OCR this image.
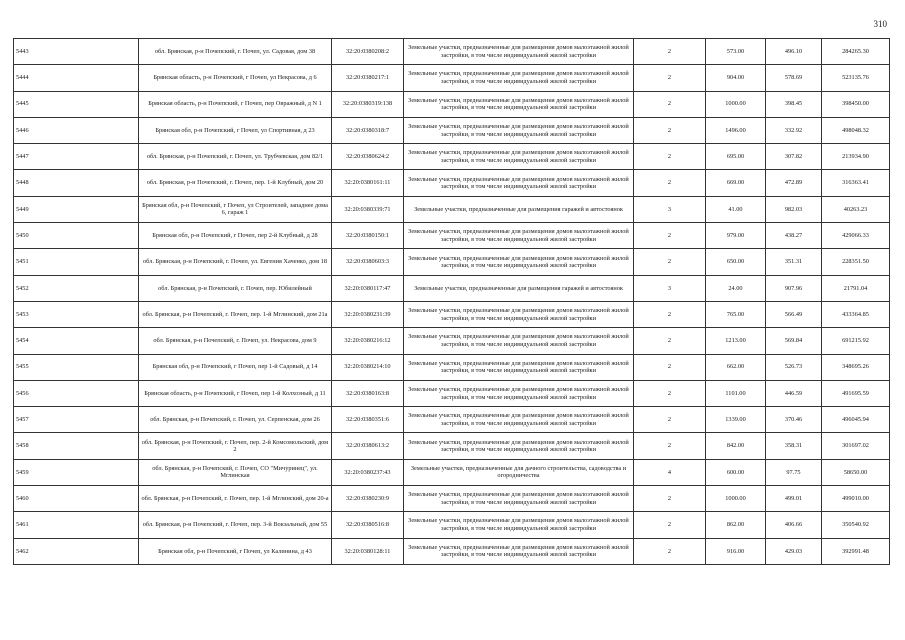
310
5443	обл. Брянская, р-н Почепский, г. Почеп, ул. Садовая, дом 38	32:20:0380208:2	Земельные участки, предназначенные для размещения домов малоэтажной жилой застройки, в том числе индивидуальной жилой застройки	2	573.00	496.10	284265.30
5444	Брянская область, р-н Почепский, г Почеп, ул Некрасова, д 6	32:20:0380217:1	Земельные участки, предназначенные для размещения домов малоэтажной жилой застройки, в том числе индивидуальной жилой застройки	2	904.00	578.69	523135.76
5445	Брянская область, р-н Почепский, г Почеп, пер Овражный, д N 1	32:20:0380319:138	Земельные участки, предназначенные для размещения домов малоэтажной жилой застройки, в том числе индивидуальной жилой застройки	2	1000.00	398.45	398450.00
5446	Брянская обл, р-н Почепский, г Почеп, ул Спортивная, д 23	32:20:0380318:7	Земельные участки, предназначенные для размещения домов малоэтажной жилой застройки, в том числе индивидуальной жилой застройки	2	1496.00	332.92	498048.32
5447	обл. Брянская, р-н Почепский, г. Почеп, ул. Трубчевская, дом 82/1	32:20:0380624:2	Земельные участки, предназначенные для размещения домов малоэтажной жилой застройки, в том числе индивидуальной жилой застройки	2	695.00	307.82	213934.90
5448	обл. Брянская, р-н Почепский, г. Почеп, пер. 1-й Клубный, дом 20	32:20:0380161:11	Земельные участки, предназначенные для размещения домов малоэтажной жилой застройки, в том числе индивидуальной жилой застройки	2	669.00	472.89	316363.41
5449	Брянская обл, р-н Почепский, г Почеп, ул Строителей, западнее дома 6, гараж 1	32:20:0380339:71	Земельные участки, предназначенные для размещения гаражей и автостоянок	3	41.00	982.03	40263.23
5450	Брянская обл, р-н Почепский, г Почеп, пер 2-й Клубный, д 28	32:20:0380150:1	Земельные участки, предназначенные для размещения домов малоэтажной жилой застройки, в том числе индивидуальной жилой застройки	2	979.00	438.27	429066.33
5451	обл. Брянская, р-н Почепский, г. Почеп, ул. Евгения Хаченко, дом 18	32:20:0380603:3	Земельные участки, предназначенные для размещения домов малоэтажной жилой застройки, в том числе индивидуальной жилой застройки	2	650.00	351.31	228351.50
5452	обл. Брянская, р-н Почепский, г. Почеп, пер. Юбилейный	32:20:0380117:47	Земельные участки, предназначенные для размещения гаражей и автостоянок	3	24.00	907.96	21791.04
5453	обл. Брянская, р-н Почепский, г. Почеп, пер. 1-й Мглинский, дом 21а	32:20:0380231:39	Земельные участки, предназначенные для размещения домов малоэтажной жилой застройки, в том числе индивидуальной жилой застройки	2	765.00	566.49	433364.85
5454	обл. Брянская, р-н Почепский, г. Почеп, ул. Некрасова, дом 9	32:20:0380216:12	Земельные участки, предназначенные для размещения домов малоэтажной жилой застройки, в том числе индивидуальной жилой застройки	2	1213.00	569.84	691215.92
5455	Брянская обл, р-н Почепский, г Почеп, пер 1-й Садовый, д 14	32:20:0380214:10	Земельные участки, предназначенные для размещения домов малоэтажной жилой застройки, в том числе индивидуальной жилой застройки	2	662.00	526.73	348695.26
5456	Брянская область, р-н Почепский, г Почеп, пер 1-й Колхозный, д 11	32:20:0380163:8	Земельные участки, предназначенные для размещения домов малоэтажной жилой застройки, в том числе индивидуальной жилой застройки	2	1101.00	446.59	491695.59
5457	обл. Брянская, р-н Почепский, г. Почеп, ул. Серпенская, дом 26	32:20:0380351:6	Земельные участки, предназначенные для размещения домов малоэтажной жилой застройки, в том числе индивидуальной жилой застройки	2	1339.00	370.46	496045.94
5458	обл. Брянская, р-н Почепский, г. Почеп, пер. 2-й Комсомольский, дом 2	32:20:0380613:2	Земельные участки, предназначенные для размещения домов малоэтажной жилой застройки, в том числе индивидуальной жилой застройки	2	842.00	358.31	301697.02
5459	обл. Брянская, р-н Почепский, г. Почеп, СО "Мичуринец", ул. Мглинская	32:20:0380237:43	Земельные участки, предназначенные для дачного строительства, садоводства и огородничества	4	600.00	97.75	58650.00
5460	обл. Брянская, р-н Почепский, г. Почеп, пер. 1-й Мглинский, дом 20-а	32:20:0380230:9	Земельные участки, предназначенные для размещения домов малоэтажной жилой застройки, в том числе индивидуальной жилой застройки	2	1000.00	499.01	499010.00
5461	обл. Брянская, р-н Почепский, г. Почеп, пер. 3-й Вокзальный, дом 55	32:20:0380516:8	Земельные участки, предназначенные для размещения домов малоэтажной жилой застройки, в том числе индивидуальной жилой застройки	2	862.00	406.66	350540.92
5462	Брянская обл, р-н Почепский, г Почеп, ул Калинина, д 43	32:20:0380128:11	Земельные участки, предназначенные для размещения домов малоэтажной жилой застройки, в том числе индивидуальной жилой застройки	2	916.00	429.03	392991.48
